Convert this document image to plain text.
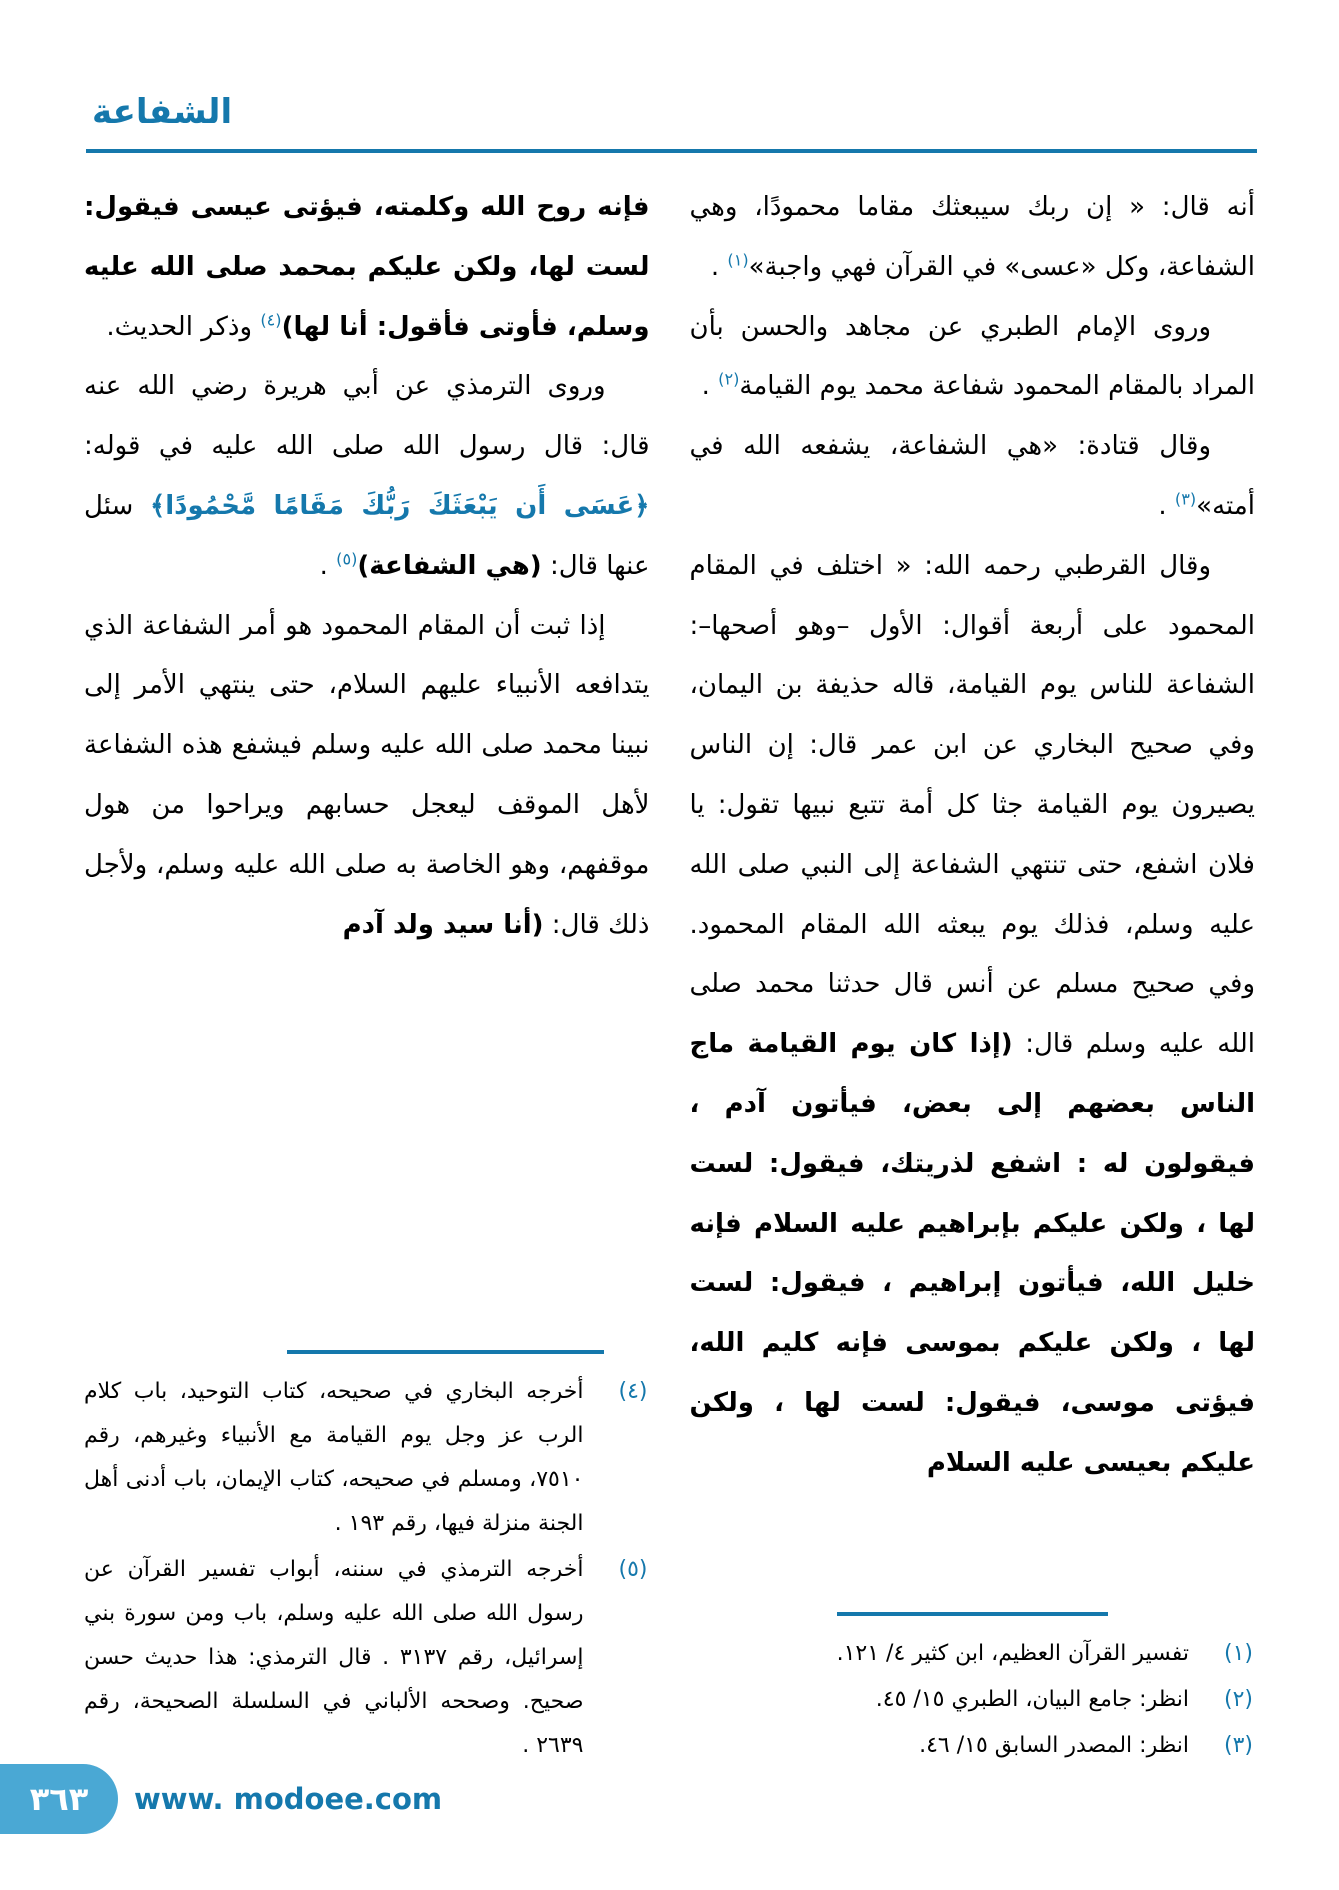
الشفاعة

أنه قال: « إن ربك سيبعثك مقاما محمودًا، وهي الشفاعة، وكل «عسى» في القرآن فهي واجبة»$^{(١)}$ .

وروى الإمام الطبري عن مجاهد والحسن بأن المراد بالمقام المحمود شفاعة محمد يوم القيامة$^{(٢)}$ .

وقال قتادة: «هي الشفاعة، يشفعه الله في أمته»$^{(٣)}$ .

وقال القرطبي رحمه الله: « اختلف في المقام المحمود على أربعة أقوال: الأول –وهو أصحها–: الشفاعة للناس يوم القيامة، قاله حذيفة بن اليمان، وفي صحيح البخاري عن ابن عمر قال: إن الناس يصيرون يوم القيامة جثا كل أمة تتبع نبيها تقول: يا فلان اشفع، حتى تنتهي الشفاعة إلى النبي صلى الله عليه وسلم، فذلك يوم يبعثه الله المقام المحمود. وفي صحيح مسلم عن أنس قال حدثنا محمد صلى الله عليه وسلم قال: (إذا كان يوم القيامة ماج الناس بعضهم إلى بعض، فيأتون آدم ، فيقولون له : اشفع لذريتك، فيقول: لست لها ، ولكن عليكم بإبراهيم عليه السلام فإنه خليل الله، فيأتون إبراهيم ، فيقول: لست لها ، ولكن عليكم بموسى فإنه كليم الله، فيؤتى موسى، فيقول: لست لها ، ولكن عليكم بعيسى عليه السلام

(١)
تفسير القرآن العظيم، ابن كثير ٤/ ١٢١.
(٢)
انظر: جامع البيان، الطبري ١٥/ ٤٥.
(٣)
انظر: المصدر السابق ١٥/ ٤٦.

فإنه روح الله وكلمته، فيؤتى عيسى فيقول: لست لها، ولكن عليكم بمحمد صلى الله عليه وسلم، فأوتى فأقول: أنا لها)$^{(٤)}$ وذكر الحديث.

وروى الترمذي عن أبي هريرة رضي الله عنه قال: قال رسول الله صلى الله عليه في قوله: ﴿عَسَى أَن يَبْعَثَكَ رَبُّكَ مَقَامًا مَّحْمُودًا﴾ سئل عنها قال: (هي الشفاعة)$^{(٥)}$ .

إذا ثبت أن المقام المحمود هو أمر الشفاعة الذي يتدافعه الأنبياء عليهم السلام، حتى ينتهي الأمر إلى نبينا محمد صلى الله عليه وسلم فيشفع هذه الشفاعة لأهل الموقف ليعجل حسابهم ويراحوا من هول موقفهم، وهو الخاصة به صلى الله عليه وسلم، ولأجل ذلك قال: (أنا سيد ولد آدم

(٤)
أخرجه البخاري في صحيحه، كتاب التوحيد، باب كلام الرب عز وجل يوم القيامة مع الأنبياء وغيرهم، رقم ٧٥١٠، ومسلم في صحيحه، كتاب الإيمان، باب أدنى أهل الجنة منزلة فيها، رقم ١٩٣ .
(٥)
أخرجه الترمذي في سننه، أبواب تفسير القرآن عن رسول الله صلى الله عليه وسلم، باب ومن سورة بني إسرائيل، رقم ٣١٣٧ . قال الترمذي: هذا حديث حسن صحيح. وصححه الألباني في السلسلة الصحيحة، رقم ٢٦٣٩ .
٣٦٣ www. modoee.com
